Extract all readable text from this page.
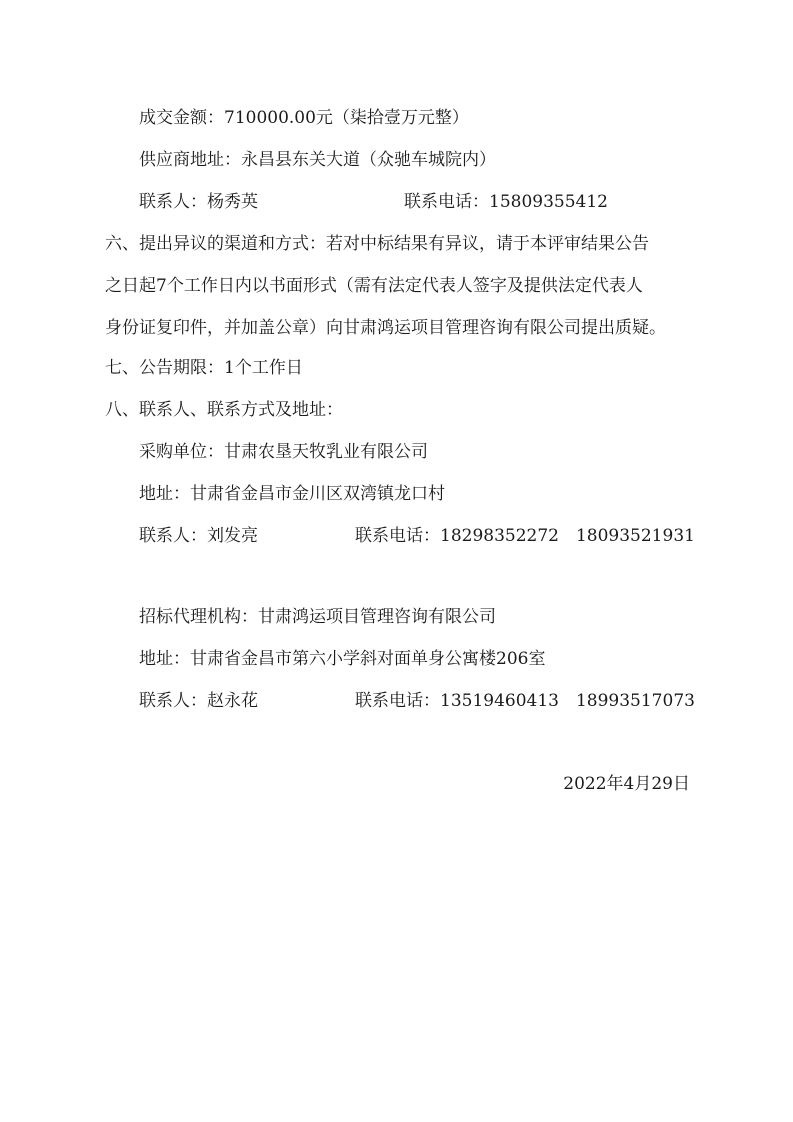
成交金额：710000.00元（柒拾壹万元整）
供应商地址：永昌县东关大道（众驰车城院内）
联系人：杨秀英	联系电话：15809355412
六、提出异议的渠道和方式：若对中标结果有异议，请于本评审结果公告
之日起7个工作日内以书面形式（需有法定代表人签字及提供法定代表人
身份证复印件，并加盖公章）向甘肃鸿运项目管理咨询有限公司提出质疑。
七、公告期限：1个工作日
八、联系人、联系方式及地址：
采购单位：甘肃农垦天牧乳业有限公司
地址：甘肃省金昌市金川区双湾镇龙口村
联系人：刘发亮	联系电话：18298352272　18093521931
招标代理机构：甘肃鸿运项目管理咨询有限公司
地址：甘肃省金昌市第六小学斜对面单身公寓楼206室
联系人：赵永花	联系电话：13519460413　18993517073
2022年4月29日
